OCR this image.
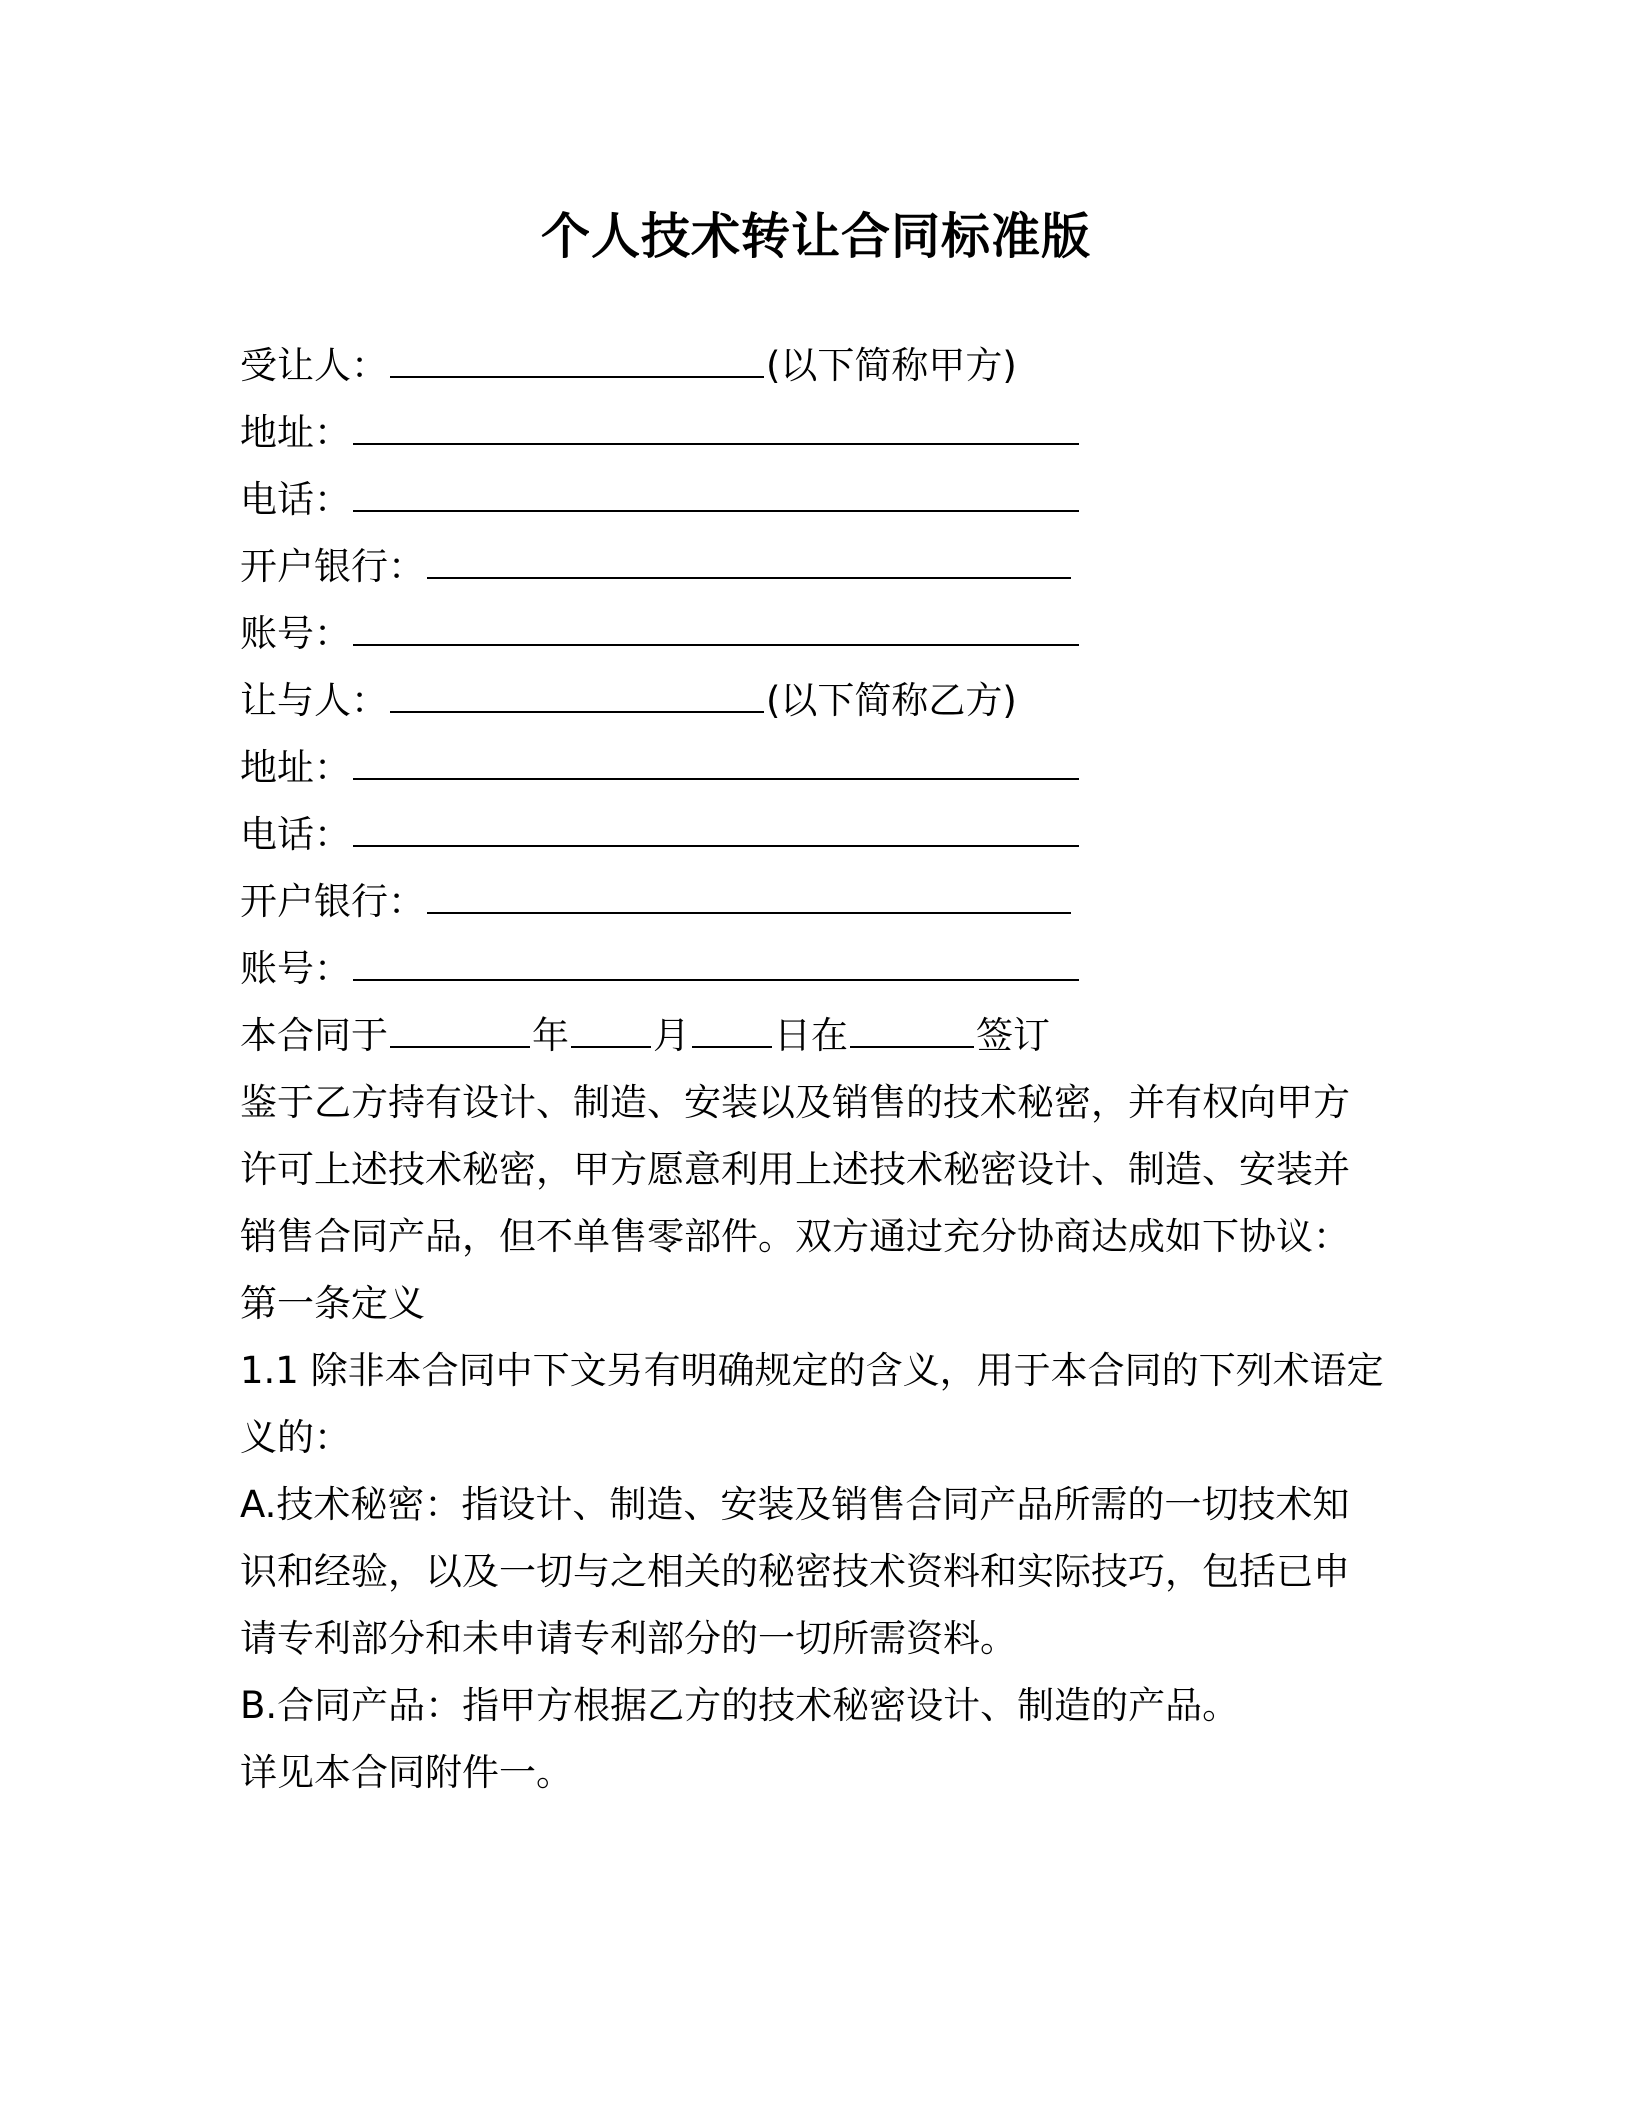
个人技术转让合同标准版
受让人：	(以下简称甲方)
地址：
电话：
开户银行：
账号：
让与人：	(以下简称乙方)
地址：
电话：
开户银行：
账号：
本合同于	年 月 日在	签订
鉴于乙方持有设计、制造、安装以及销售的技术秘密，并有权向甲方
许可上述技术秘密，甲方愿意利用上述技术秘密设计、制造、安装并
销售合同产品，但不单售零部件。双方通过充分协商达成如下协议：
第一条定义
1.1 除非本合同中下文另有明确规定的含义，用于本合同的下列术语定
义的：
A.技术秘密：指设计、制造、安装及销售合同产品所需的一切技术知
识和经验，以及一切与之相关的秘密技术资料和实际技巧，包括已申
请专利部分和未申请专利部分的一切所需资料。
B.合同产品：指甲方根据乙方的技术秘密设计、制造的产品。
详见本合同附件一。
